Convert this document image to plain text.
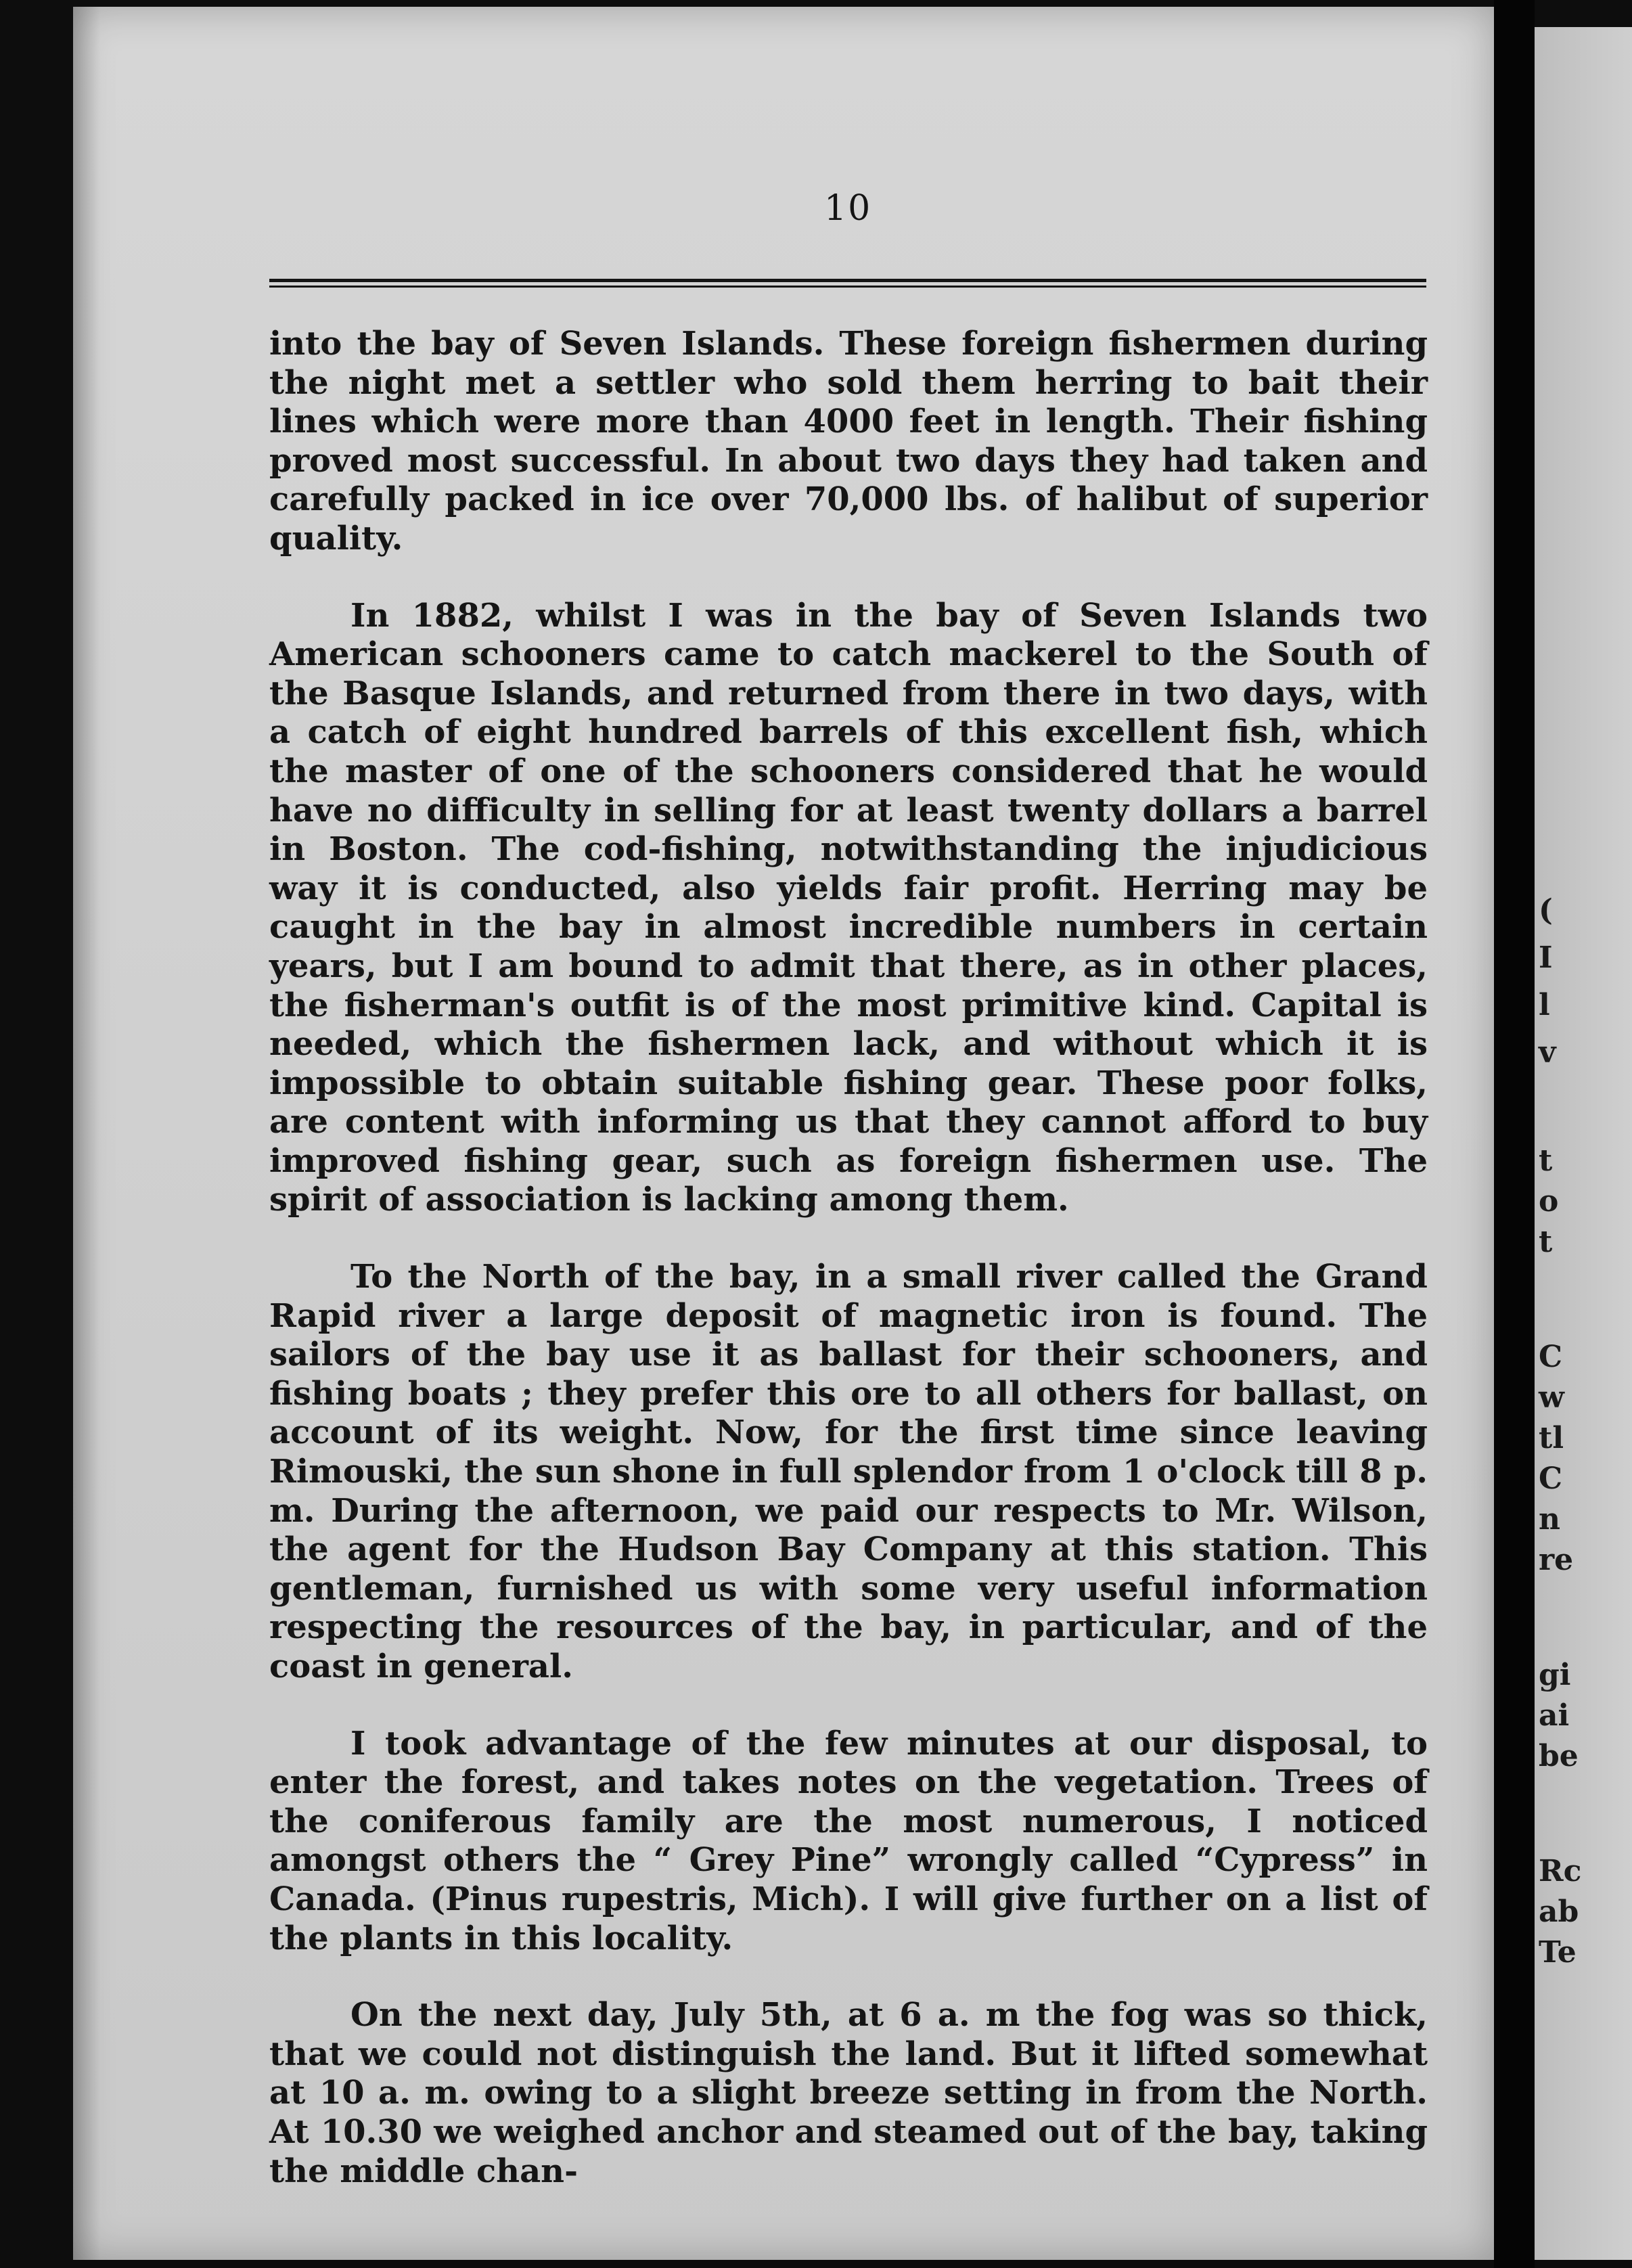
10

into the bay of Seven Islands. These foreign fishermen during the night met a settler who sold them herring to bait their lines which were more than 4000 feet in length. Their fishing proved most successful. In about two days they had taken and carefully packed in ice over 70,000 lbs. of halibut of superior quality.

In 1882, whilst I was in the bay of Seven Islands two American schooners came to catch mackerel to the South of the Basque Islands, and returned from there in two days, with a catch of eight hundred barrels of this excellent fish, which the master of one of the schooners considered that he would have no difficulty in selling for at least twenty dollars a barrel in Boston. The cod-fishing, notwithstanding the injudicious way it is conducted, also yields fair profit. Herring may be caught in the bay in almost incredible numbers in certain years, but I am bound to admit that there, as in other places, the fisherman's outfit is of the most primitive kind. Capital is needed, which the fishermen lack, and without which it is impossible to obtain suitable fishing gear. These poor folks, are content with informing us that they cannot afford to buy improved fishing gear, such as foreign fishermen use. The spirit of association is lacking among them.

To the North of the bay, in a small river called the Grand Rapid river a large deposit of magnetic iron is found. The sailors of the bay use it as ballast for their schooners, and fishing boats ; they prefer this ore to all others for ballast, on account of its weight. Now, for the first time since leaving Rimouski, the sun shone in full splendor from 1 o'clock till 8 p. m. During the afternoon, we paid our respects to Mr. Wilson, the agent for the Hudson Bay Company at this station. This gentleman, furnished us with some very useful information respecting the resources of the bay, in particular, and of the coast in general.

I took advantage of the few minutes at our disposal, to enter the forest, and takes notes on the vegetation. Trees of the coniferous family are the most numerous, I noticed amongst others the “ Grey Pine” wrongly called “Cypress” in Canada. (Pinus rupestris, Mich). I will give further on a list of the plants in this locality.

On the next day, July 5th, at 6 a. m the fog was so thick, that we could not distinguish the land. But it lifted somewhat at 10 a. m. owing to a slight breeze setting in from the North. At 10.30 we weighed anchor and steamed out of the bay, taking the middle chan-

(
I
l
v
t
o
t
C
w
tl
C
n
re
gi
ai
be
Rc
ab
Te
